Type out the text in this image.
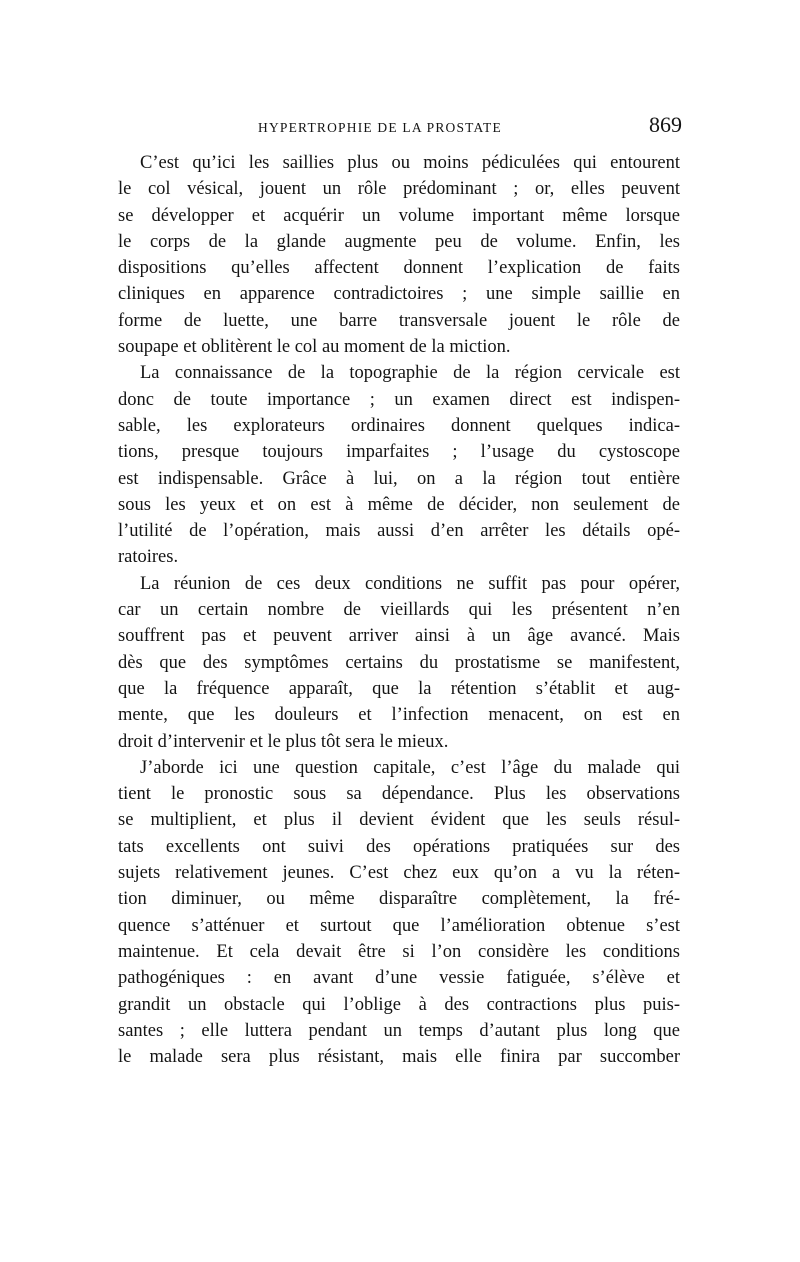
HYPERTROPHIE DE LA PROSTATE	869
C’est qu’ici les saillies plus ou moins pédiculées qui entourent
le col vésical, jouent un rôle prédominant ; or, elles peuvent
se développer et acquérir un volume important même lorsque
le corps de la glande augmente peu de volume. Enfin, les
dispositions qu’elles affectent donnent l’explication de faits
cliniques en apparence contradictoires ; une simple saillie en
forme de luette, une barre transversale jouent le rôle de
soupape et oblitèrent le col au moment de la miction.
La connaissance de la topographie de la région cervicale est
donc de toute importance ; un examen direct est indispen-
sable, les explorateurs ordinaires donnent quelques indica-
tions, presque toujours imparfaites ; l’usage du cystoscope
est indispensable. Grâce à lui, on a la région tout entière
sous les yeux et on est à même de décider, non seulement de
l’utilité de l’opération, mais aussi d’en arrêter les détails opé-
ratoires.
La réunion de ces deux conditions ne suffit pas pour opérer,
car un certain nombre de vieillards qui les présentent n’en
souffrent pas et peuvent arriver ainsi à un âge avancé. Mais
dès que des symptômes certains du prostatisme se manifestent,
que la fréquence apparaît, que la rétention s’établit et aug-
mente, que les douleurs et l’infection menacent, on est en
droit d’intervenir et le plus tôt sera le mieux.
J’aborde ici une question capitale, c’est l’âge du malade qui
tient le pronostic sous sa dépendance. Plus les observations
se multiplient, et plus il devient évident que les seuls résul-
tats excellents ont suivi des opérations pratiquées sur des
sujets relativement jeunes. C’est chez eux qu’on a vu la réten-
tion diminuer, ou même disparaître complètement, la fré-
quence s’atténuer et surtout que l’amélioration obtenue s’est
maintenue. Et cela devait être si l’on considère les conditions
pathogéniques : en avant d’une vessie fatiguée, s’élève et
grandit un obstacle qui l’oblige à des contractions plus puis-
santes ; elle luttera pendant un temps d’autant plus long que
le malade sera plus résistant, mais elle finira par succomber
